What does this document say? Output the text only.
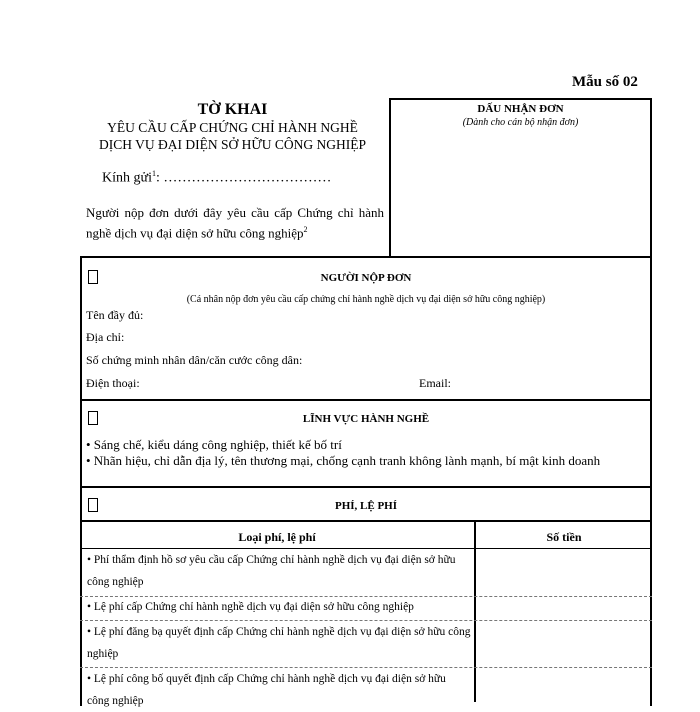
Mẫu số 02
TỜ KHAI
YÊU CẦU CẤP CHỨNG CHỈ HÀNH NGHỀ
DỊCH VỤ ĐẠI DIỆN SỞ HỮU CÔNG NGHIỆP
Kính gửi$^1$: ………………………………
Người nộp đơn dưới đây yêu cầu cấp Chứng chỉ hành nghề dịch vụ đại diện sở hữu công nghiệp$^2$
DẤU NHẬN ĐƠN
(Dành cho cán bộ nhận đơn)
NGƯỜI NỘP ĐƠN
(Cá nhân nộp đơn yêu cầu cấp chứng chỉ hành nghề dịch vụ đại diện sở hữu công nghiệp)
Tên đầy đủ:
Địa chỉ:
Số chứng minh nhân dân/căn cước công dân:
Điện thoại:	Email:
LĨNH VỰC HÀNH NGHỀ
• Sáng chế, kiểu dáng công nghiệp, thiết kế bố trí
• Nhãn hiệu, chỉ dẫn địa lý, tên thương mại, chống cạnh tranh không lành mạnh, bí mật kinh doanh
PHÍ, LỆ PHÍ
Loại phí, lệ phí	Số tiền
• Phí thẩm định hồ sơ yêu cầu cấp Chứng chỉ hành nghề dịch vụ đại diện sở hữu công nghiệp
• Lệ phí cấp Chứng chỉ hành nghề dịch vụ đại diện sở hữu công nghiệp
• Lệ phí đăng bạ quyết định cấp Chứng chỉ hành nghề dịch vụ đại diện sở hữu công nghiệp
• Lệ phí công bố quyết định cấp Chứng chỉ hành nghề dịch vụ đại diện sở hữu công nghiệp
